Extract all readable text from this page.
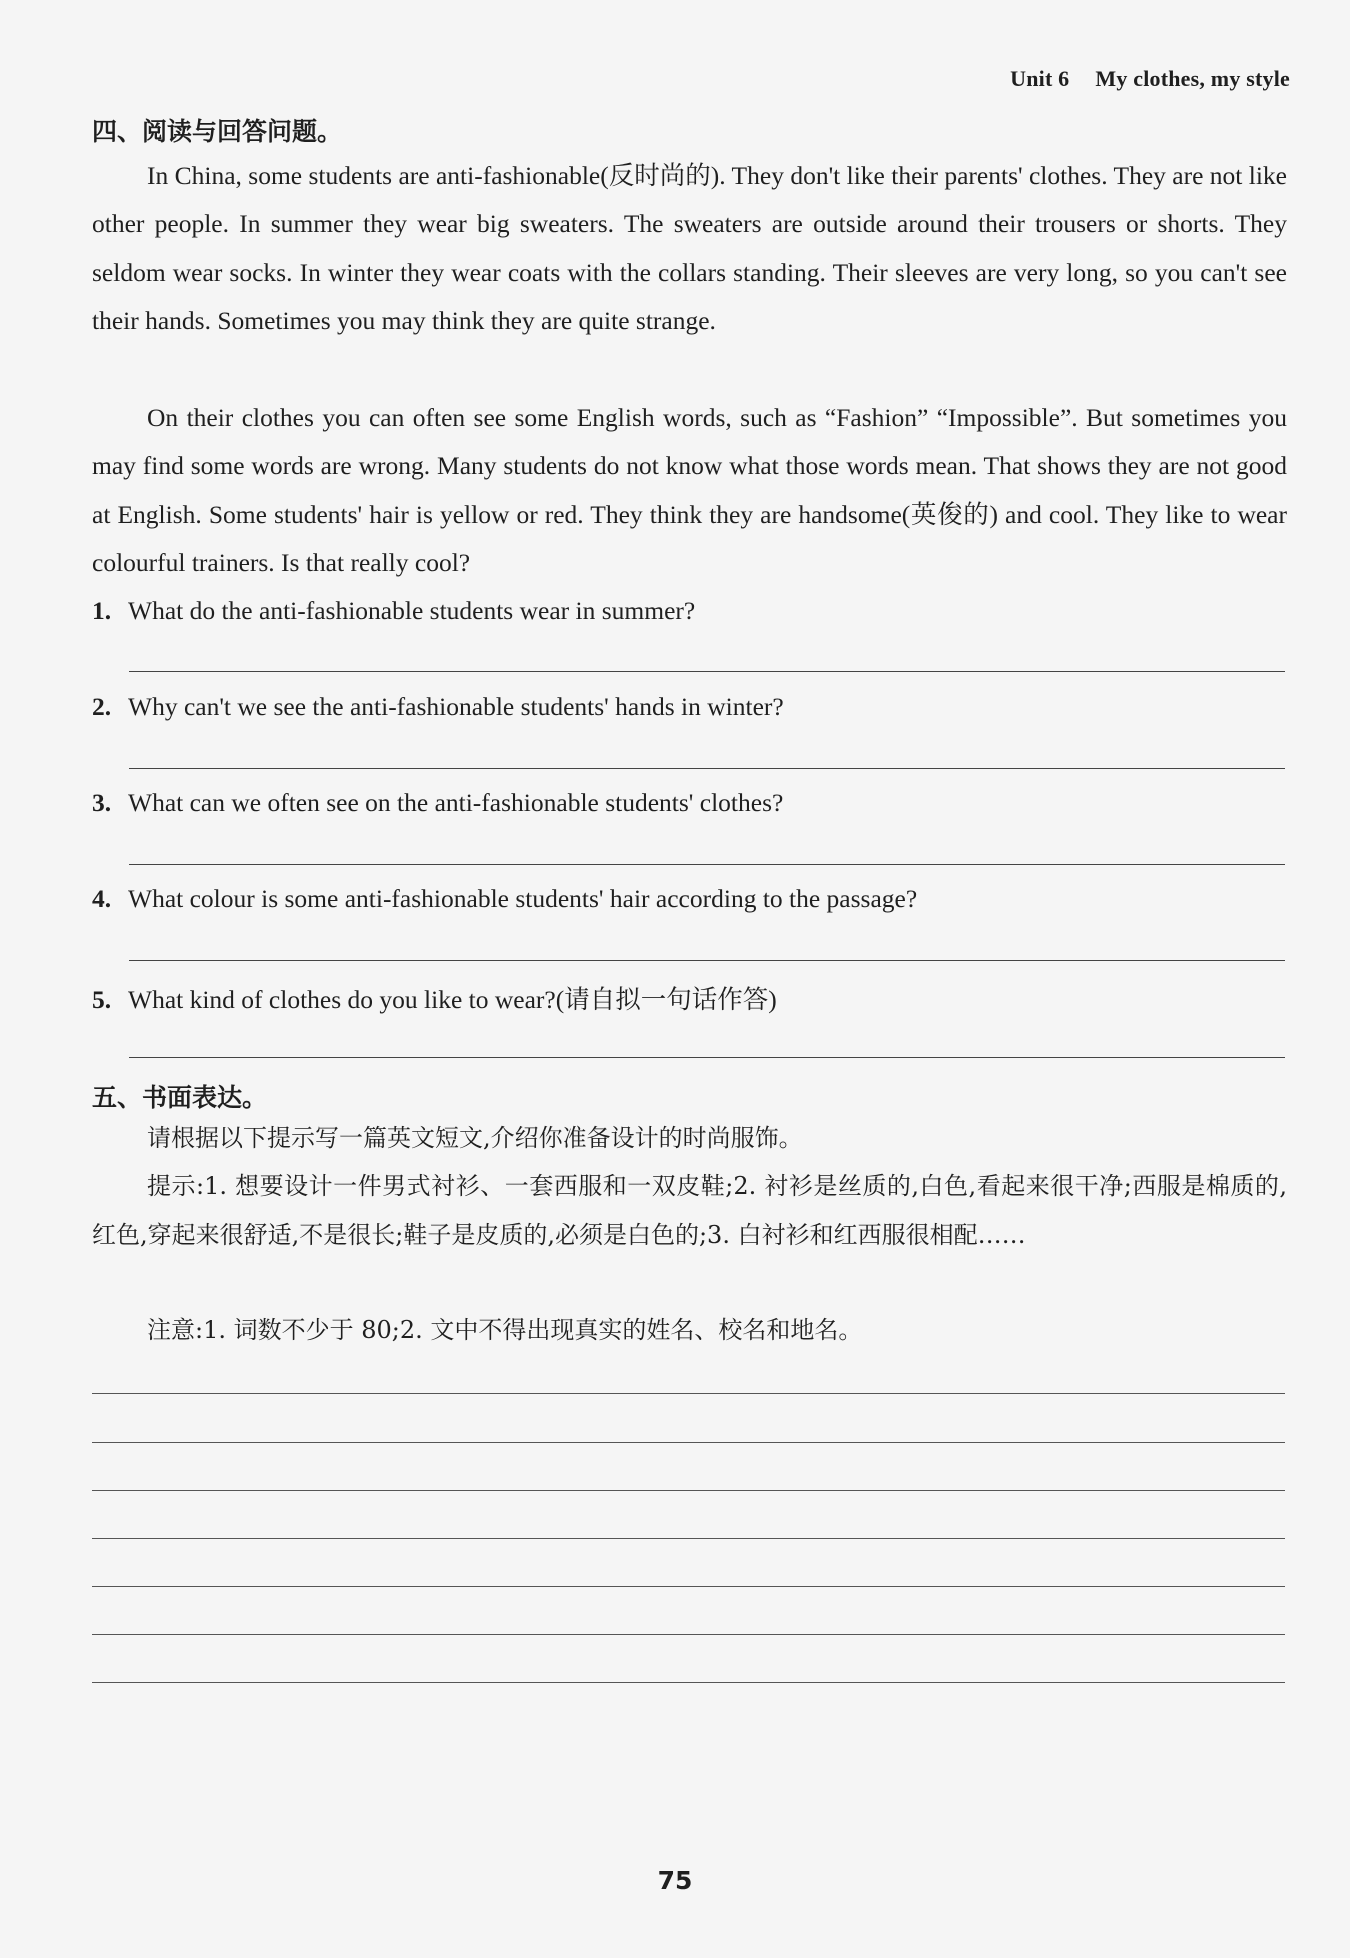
Unit 6 My clothes, my style
四、阅读与回答问题。

In China, some students are anti-fashionable(反时尚的). They don't like their parents' clothes. They are not like other people. In summer they wear big sweaters. The sweaters are outside around their trousers or shorts. They seldom wear socks. In winter they wear coats with the collars standing. Their sleeves are very long, so you can't see their hands. Sometimes you may think they are quite strange.

On their clothes you can often see some English words, such as “Fashion” “Impossible”. But sometimes you may find some words are wrong. Many students do not know what those words mean. That shows they are not good at English. Some students' hair is yellow or red. They think they are handsome(英俊的) and cool. They like to wear colourful trainers. Is that really cool?

1. What do the anti-fashionable students wear in summer?
2. Why can't we see the anti-fashionable students' hands in winter?
3. What can we often see on the anti-fashionable students' clothes?
4. What colour is some anti-fashionable students' hair according to the passage?
5. What kind of clothes do you like to wear?(请自拟一句话作答)
五、书面表达。

请根据以下提示写一篇英文短文,介绍你准备设计的时尚服饰。

提示:1. 想要设计一件男式衬衫、一套西服和一双皮鞋;2. 衬衫是丝质的,白色,看起来很干净;西服是棉质的,红色,穿起来很舒适,不是很长;鞋子是皮质的,必须是白色的;3. 白衬衫和红西服很相配……

注意:1. 词数不少于 80;2. 文中不得出现真实的姓名、校名和地名。

75
